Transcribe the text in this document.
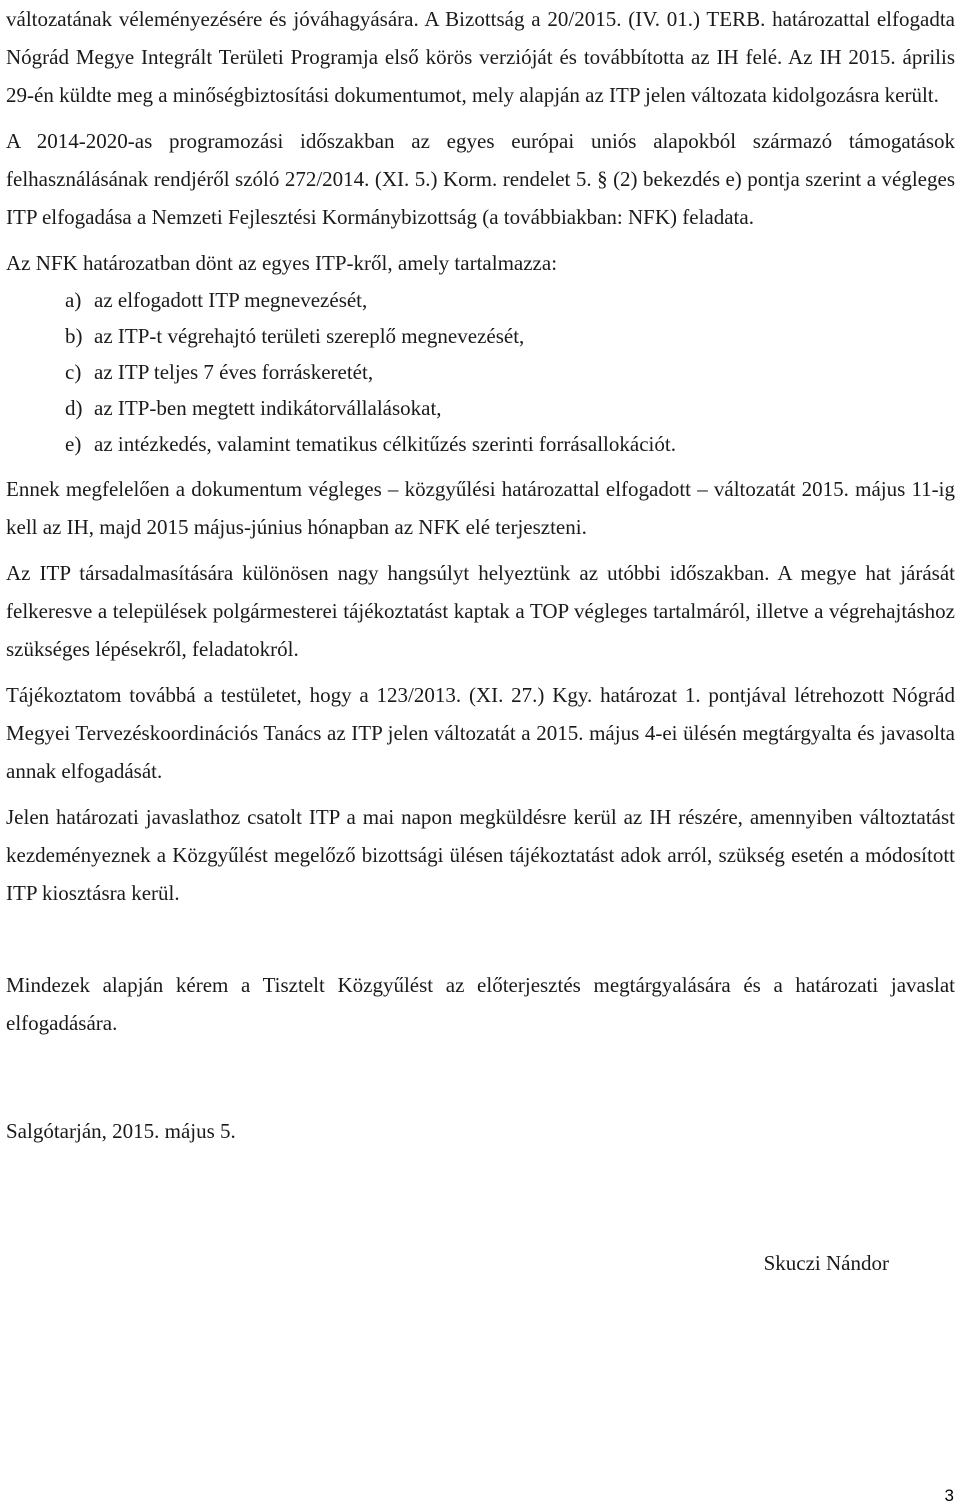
változatának véleményezésére és jóváhagyására. A Bizottság a 20/2015. (IV. 01.) TERB. határozattal elfogadta Nógrád Megye Integrált Területi Programja első körös verzióját és továbbította az IH felé. Az IH 2015. április 29-én küldte meg a minőségbiztosítási dokumentumot, mely alapján az ITP jelen változata kidolgozásra került.

A 2014-2020-as programozási időszakban az egyes európai uniós alapokból származó támogatások felhasználásának rendjéről szóló 272/2014. (XI. 5.) Korm. rendelet 5. § (2) bekezdés e) pontja szerint a végleges ITP elfogadása a Nemzeti Fejlesztési Kormánybizottság (a továbbiakban: NFK) feladata.

Az NFK határozatban dönt az egyes ITP-kről, amely tartalmazza:

a) az elfogadott ITP megnevezését,
b) az ITP-t végrehajtó területi szereplő megnevezését,
c) az ITP teljes 7 éves forráskeretét,
d) az ITP-ben megtett indikátorvállalásokat,
e) az intézkedés, valamint tematikus célkitűzés szerinti forrásallokációt.

Ennek megfelelően a dokumentum végleges – közgyűlési határozattal elfogadott – változatát 2015. május 11-ig kell az IH, majd 2015 május-június hónapban az NFK elé terjeszteni.

Az ITP társadalmasítására különösen nagy hangsúlyt helyeztünk az utóbbi időszakban. A megye hat járását felkeresve a települések polgármesterei tájékoztatást kaptak a TOP végleges tartalmáról, illetve a végrehajtáshoz szükséges lépésekről, feladatokról.

Tájékoztatom továbbá a testületet, hogy a 123/2013. (XI. 27.) Kgy. határozat 1. pontjával létrehozott Nógrád Megyei Tervezéskoordinációs Tanács az ITP jelen változatát a 2015. május 4-ei ülésén megtárgyalta és javasolta annak elfogadását.

Jelen határozati javaslathoz csatolt ITP a mai napon megküldésre kerül az IH részére, amennyiben változtatást kezdeményeznek a Közgyűlést megelőző bizottsági ülésen tájékoztatást adok arról, szükség esetén a módosított ITP kiosztásra kerül.

Mindezek alapján kérem a Tisztelt Közgyűlést az előterjesztés megtárgyalására és a határozati javaslat elfogadására.

Salgótarján, 2015. május 5.

Skuczi Nándor

3
